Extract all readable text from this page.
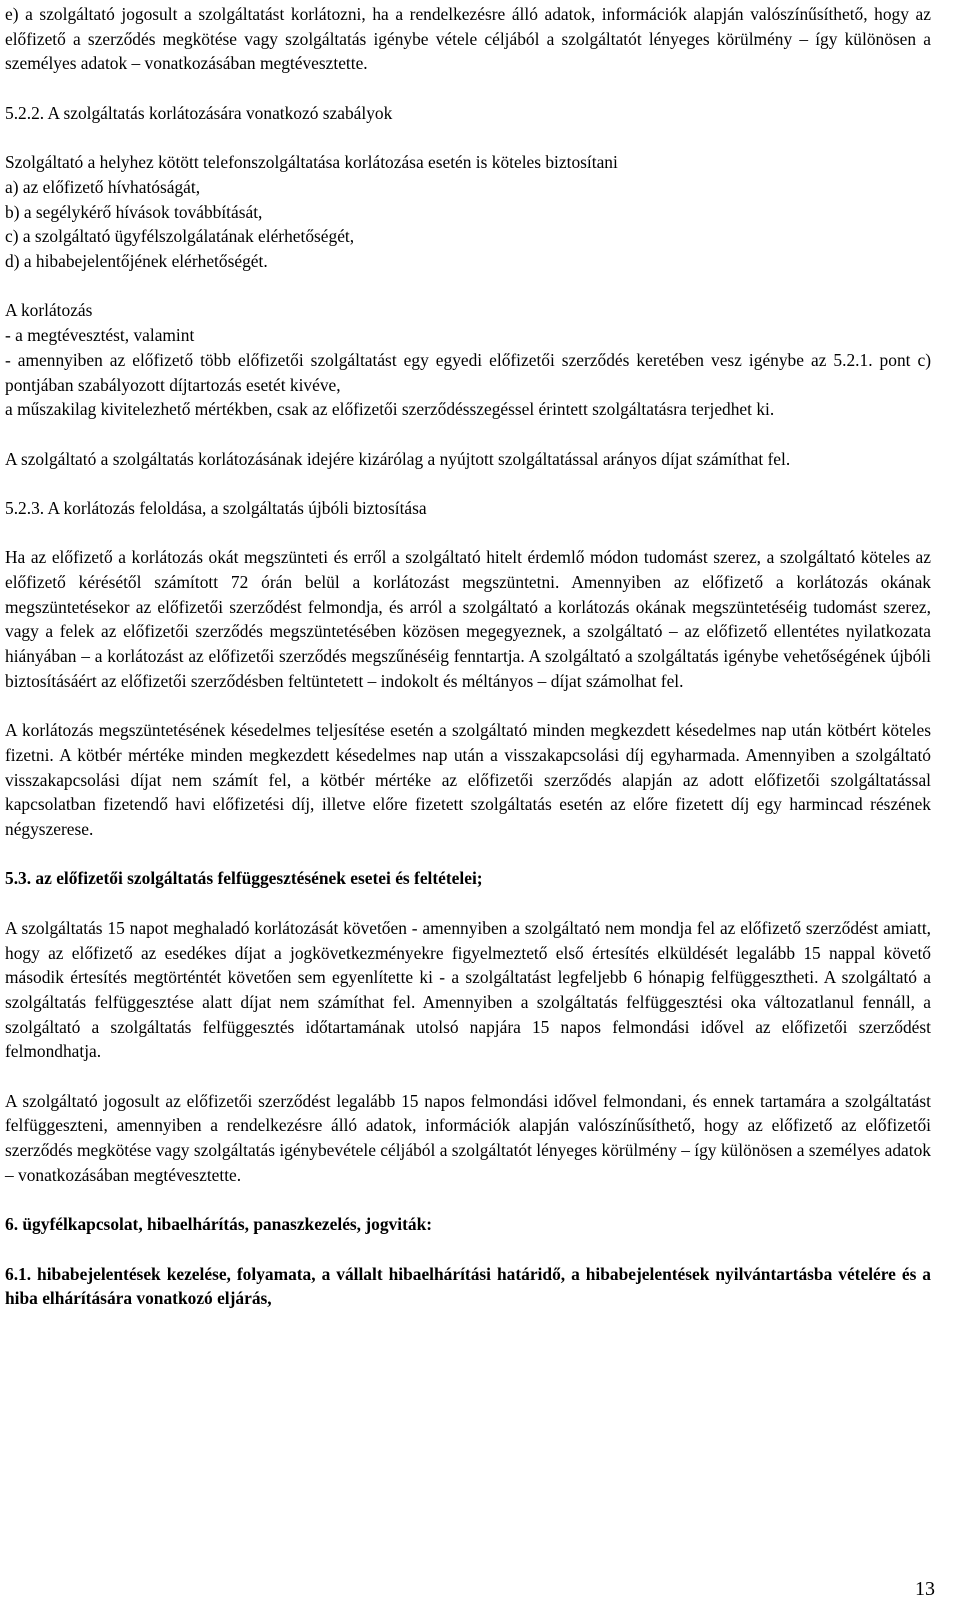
e) a szolgáltató jogosult a szolgáltatást korlátozni, ha a rendelkezésre álló adatok, információk alapján valószínűsíthető, hogy az előfizető a szerződés megkötése vagy szolgáltatás igénybe vétele céljából a szolgáltatót lényeges körülmény – így különösen a személyes adatok – vonatkozásában megtévesztette.

5.2.2. A szolgáltatás korlátozására vonatkozó szabályok

Szolgáltató a helyhez kötött telefonszolgáltatása korlátozása esetén is köteles biztosítani

a) az előfizető hívhatóságát,

b) a segélykérő hívások továbbítását,

c) a szolgáltató ügyfélszolgálatának elérhetőségét,

d) a hibabejelentőjének elérhetőségét.

A korlátozás

- a megtévesztést, valamint

- amennyiben az előfizető több előfizetői szolgáltatást egy egyedi előfizetői szerződés keretében vesz igénybe az 5.2.1. pont c) pontjában szabályozott díjtartozás esetét kivéve,

a műszakilag kivitelezhető mértékben, csak az előfizetői szerződésszegéssel érintett szolgáltatásra terjedhet ki.

A szolgáltató a szolgáltatás korlátozásának idejére kizárólag a nyújtott szolgáltatással arányos díjat számíthat fel.

5.2.3. A korlátozás feloldása, a szolgáltatás újbóli biztosítása

Ha az előfizető a korlátozás okát megszünteti és erről a szolgáltató hitelt érdemlő módon tudomást szerez, a szolgáltató köteles az előfizető kérésétől számított 72 órán belül a korlátozást megszüntetni. Amennyiben az előfizető a korlátozás okának megszüntetésekor az előfizetői szerződést felmondja, és arról a szolgáltató a korlátozás okának megszüntetéséig tudomást szerez, vagy a felek az előfizetői szerződés megszüntetésében közösen megegyeznek, a szolgáltató – az előfizető ellentétes nyilatkozata hiányában – a korlátozást az előfizetői szerződés megszűnéséig fenntartja. A szolgáltató a szolgáltatás igénybe vehetőségének újbóli biztosításáért az előfizetői szerződésben feltüntetett – indokolt és méltányos – díjat számolhat fel.

A korlátozás megszüntetésének késedelmes teljesítése esetén a szolgáltató minden megkezdett késedelmes nap után kötbért köteles fizetni. A kötbér mértéke minden megkezdett késedelmes nap után a visszakapcsolási díj egyharmada. Amennyiben a szolgáltató visszakapcsolási díjat nem számít fel, a kötbér mértéke az előfizetői szerződés alapján az adott előfizetői szolgáltatással kapcsolatban fizetendő havi előfizetési díj, illetve előre fizetett szolgáltatás esetén az előre fizetett díj egy harmincad részének négyszerese.

5.3. az előfizetői szolgáltatás felfüggesztésének esetei és feltételei;

A szolgáltatás 15 napot meghaladó korlátozását követően - amennyiben a szolgáltató nem mondja fel az előfizető szerződést amiatt, hogy az előfizető az esedékes díjat a jogkövetkezményekre figyelmeztető első értesítés elküldését legalább 15 nappal követő második értesítés megtörténtét követően sem egyenlítette ki - a szolgáltatást legfeljebb 6 hónapig felfüggesztheti. A szolgáltató a szolgáltatás felfüggesztése alatt díjat nem számíthat fel. Amennyiben a szolgáltatás felfüggesztési oka változatlanul fennáll, a szolgáltató a szolgáltatás felfüggesztés időtartamának utolsó napjára 15 napos felmondási idővel az előfizetői szerződést felmondhatja.

A szolgáltató jogosult az előfizetői szerződést legalább 15 napos felmondási idővel felmondani, és ennek tartamára a szolgáltatást felfüggeszteni, amennyiben a rendelkezésre álló adatok, információk alapján valószínűsíthető, hogy az előfizető az előfizetői szerződés megkötése vagy szolgáltatás igénybevétele céljából a szolgáltatót lényeges körülmény – így különösen a személyes adatok – vonatkozásában megtévesztette.

6. ügyfélkapcsolat, hibaelhárítás, panaszkezelés, jogviták:

6.1. hibabejelentések kezelése, folyamata, a vállalt hibaelhárítási határidő, a hibabejelentések nyilvántartásba vételére és a hiba elhárítására vonatkozó eljárás,

13
